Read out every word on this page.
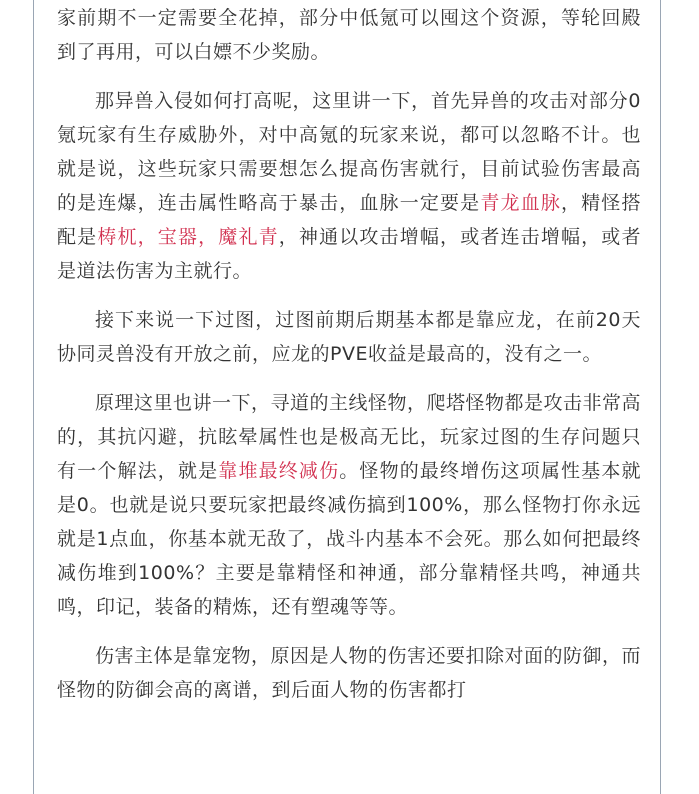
家前期不一定需要全花掉，部分中低氪可以囤这个资源，等轮回殿到了再用，可以白嫖不少奖励。

那异兽入侵如何打高呢，这里讲一下，首先异兽的攻击对部分0氪玩家有生存威胁外，对中高氪的玩家来说，都可以忽略不计。也就是说，这些玩家只需要想怎么提高伤害就行，目前试验伤害最高的是连爆，连击属性略高于暴击，血脉一定要是青龙血脉，精怪搭配是梼杌，宝器，魔礼青，神通以攻击增幅，或者连击增幅，或者是道法伤害为主就行。

接下来说一下过图，过图前期后期基本都是靠应龙，在前20天协同灵兽没有开放之前，应龙的PVE收益是最高的，没有之一。

原理这里也讲一下，寻道的主线怪物，爬塔怪物都是攻击非常高的，其抗闪避，抗眩晕属性也是极高无比，玩家过图的生存问题只有一个解法，就是靠堆最终减伤。怪物的最终增伤这项属性基本就是0。也就是说只要玩家把最终减伤搞到100%，那么怪物打你永远就是1点血，你基本就无敌了，战斗内基本不会死。那么如何把最终减伤堆到100%？主要是靠精怪和神通，部分靠精怪共鸣，神通共鸣，印记，装备的精炼，还有塑魂等等。

伤害主体是靠宠物，原因是人物的伤害还要扣除对面的防御，而怪物的防御会高的离谱，到后面人物的伤害都打
